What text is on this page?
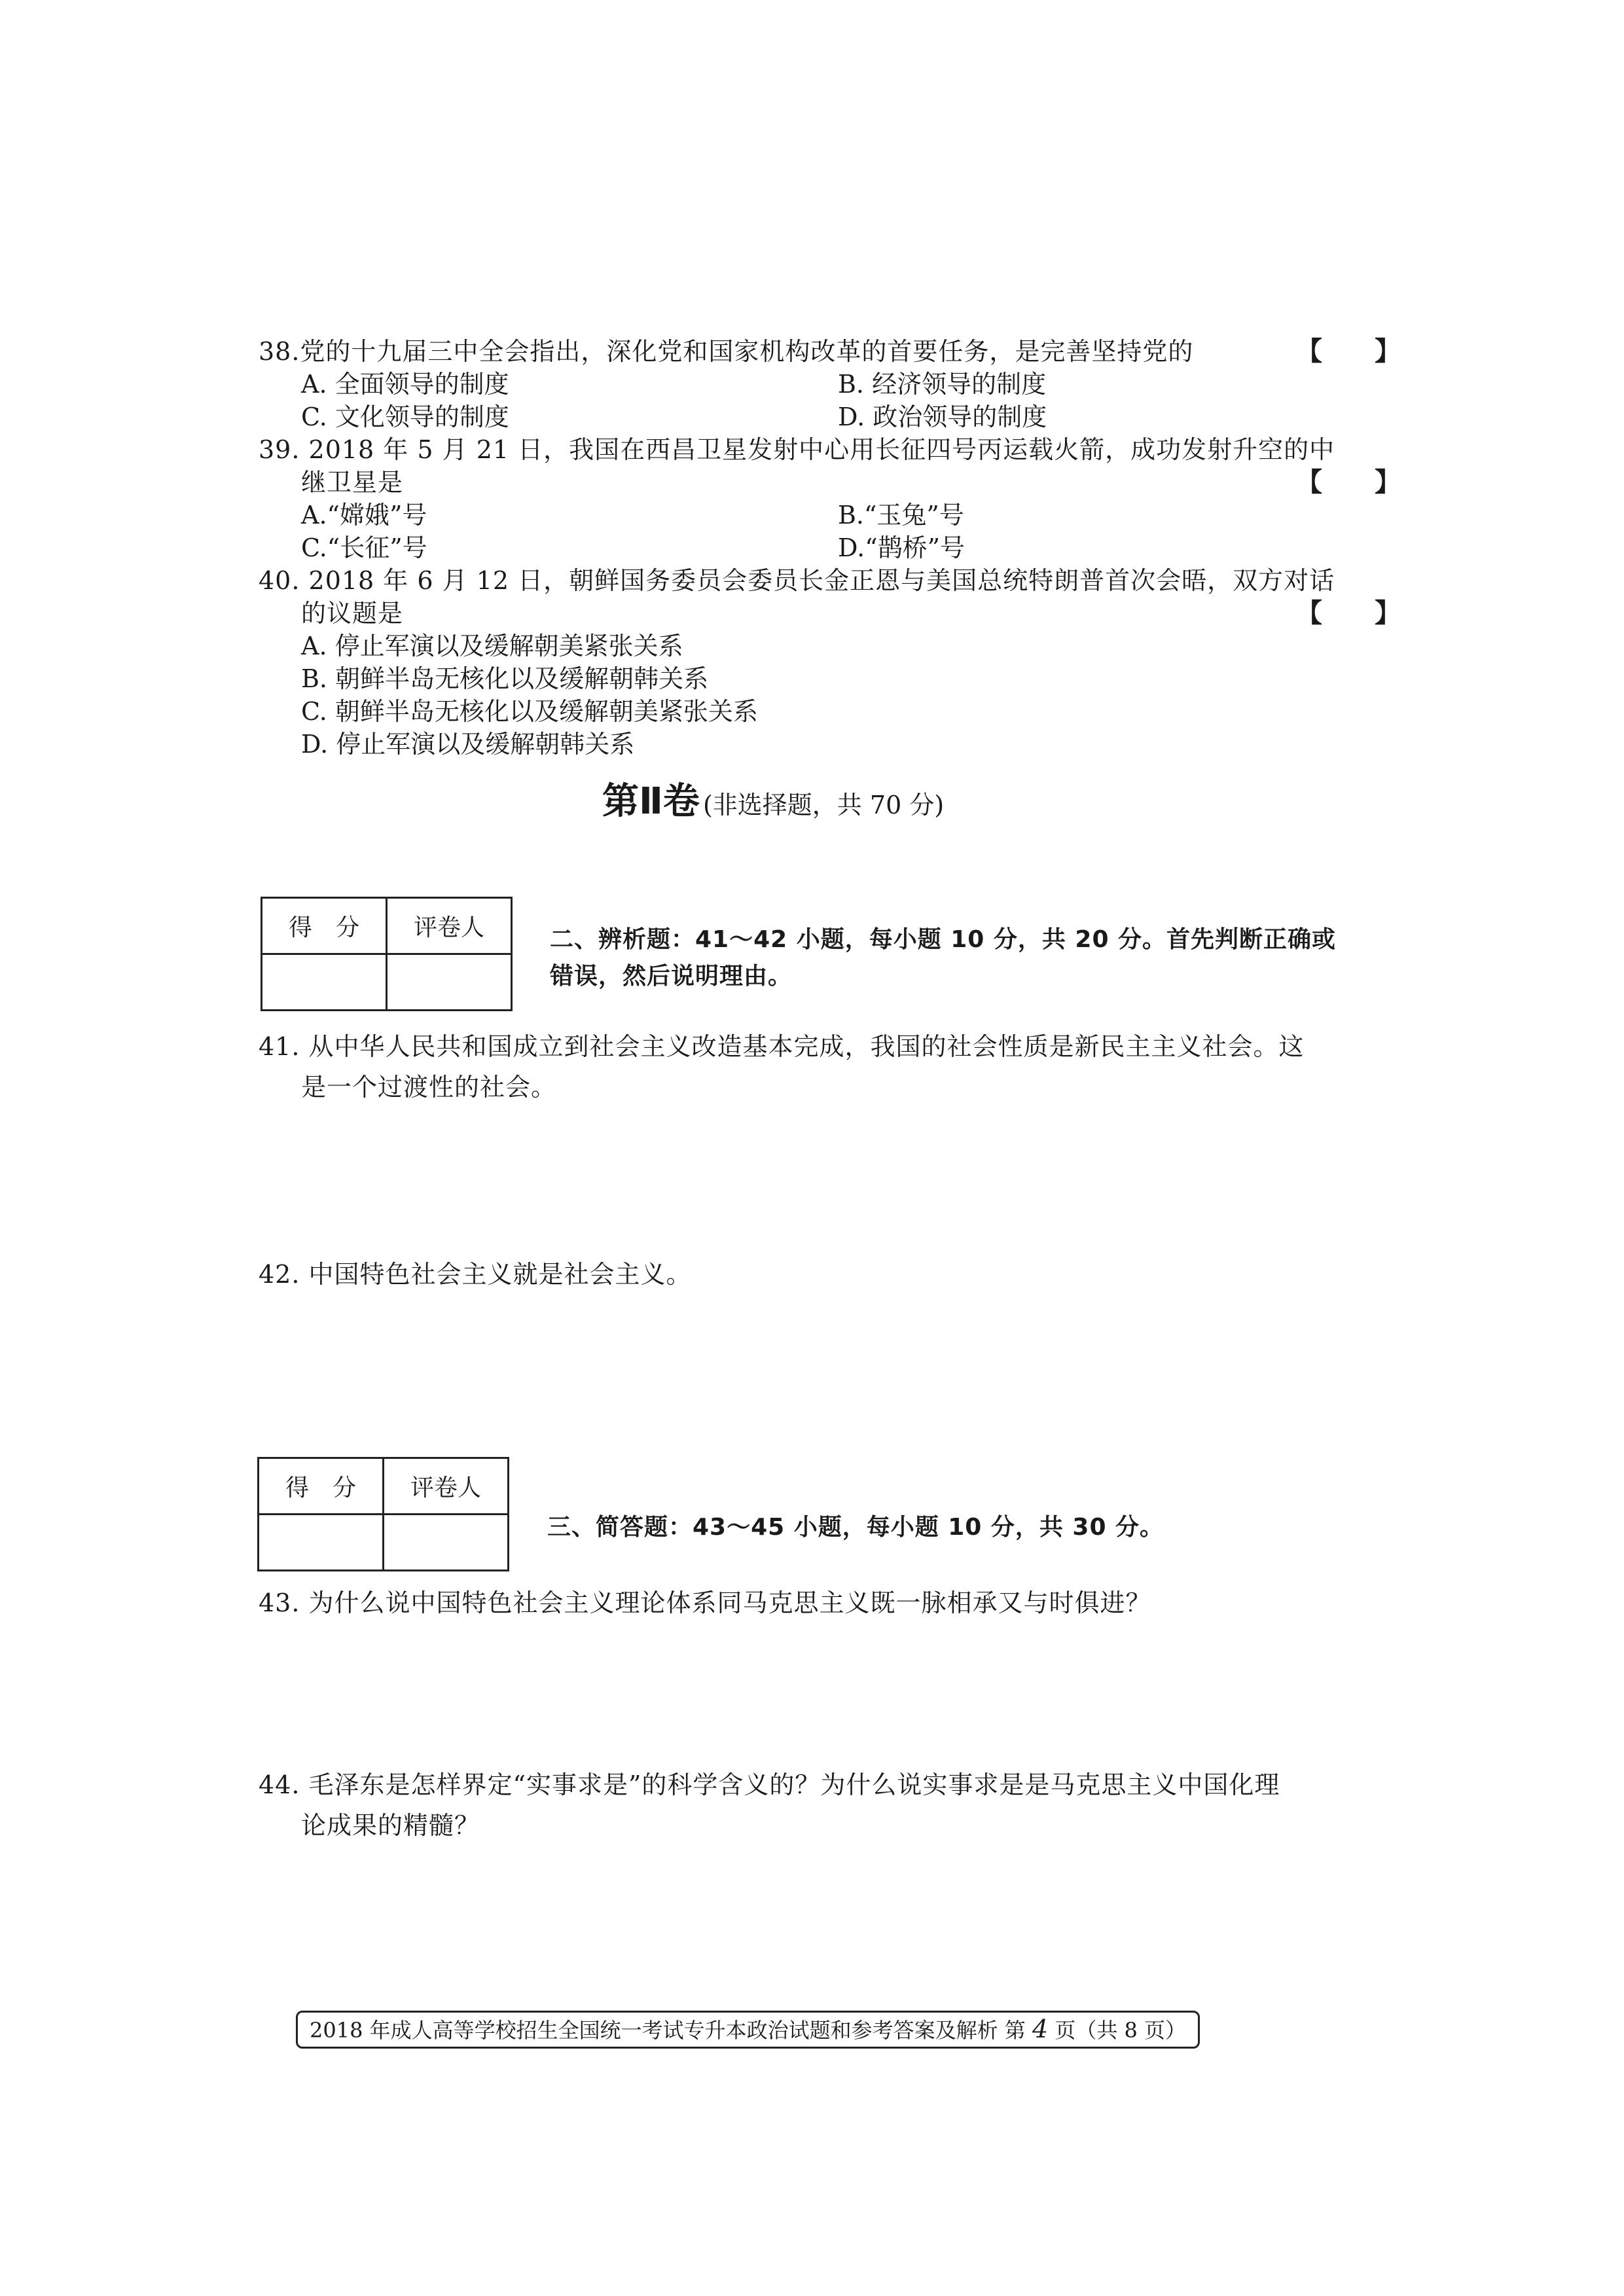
38.党的十九届三中全会指出，深化党和国家机构改革的首要任务，是完善坚持党的	【　　】
A. 全面领导的制度	B. 经济领导的制度
C. 文化领导的制度	D. 政治领导的制度
39. 2018 年 5 月 21 日，我国在西昌卫星发射中心用长征四号丙运载火箭，成功发射升空的中
继卫星是	【　　】
A.“嫦娥”号	B.“玉兔”号
C.“长征”号	D.“鹊桥”号
40. 2018 年 6 月 12 日，朝鲜国务委员会委员长金正恩与美国总统特朗普首次会晤，双方对话
的议题是	【　　】
A. 停止军演以及缓解朝美紧张关系
B. 朝鲜半岛无核化以及缓解朝韩关系
C. 朝鲜半岛无核化以及缓解朝美紧张关系
D. 停止军演以及缓解朝韩关系
第Ⅱ卷 (非选择题，共 70 分)
得　分	评卷人
		二、辨析题：41～42 小题，每小题 10 分，共 20 分。首先判断正确或
错误，然后说明理由。
41. 从中华人民共和国成立到社会主义改造基本完成，我国的社会性质是新民主主义社会。这
是一个过渡性的社会。
42. 中国特色社会主义就是社会主义。
得　分	评卷人

三、简答题：43～45 小题，每小题 10 分，共 30 分。
43. 为什么说中国特色社会主义理论体系同马克思主义既一脉相承又与时俱进？
44. 毛泽东是怎样界定“实事求是”的科学含义的？为什么说实事求是是马克思主义中国化理
论成果的精髓？
2018 年成人高等学校招生全国统一考试专升本政治试题和参考答案及解析 第 4 页（共 8 页）
